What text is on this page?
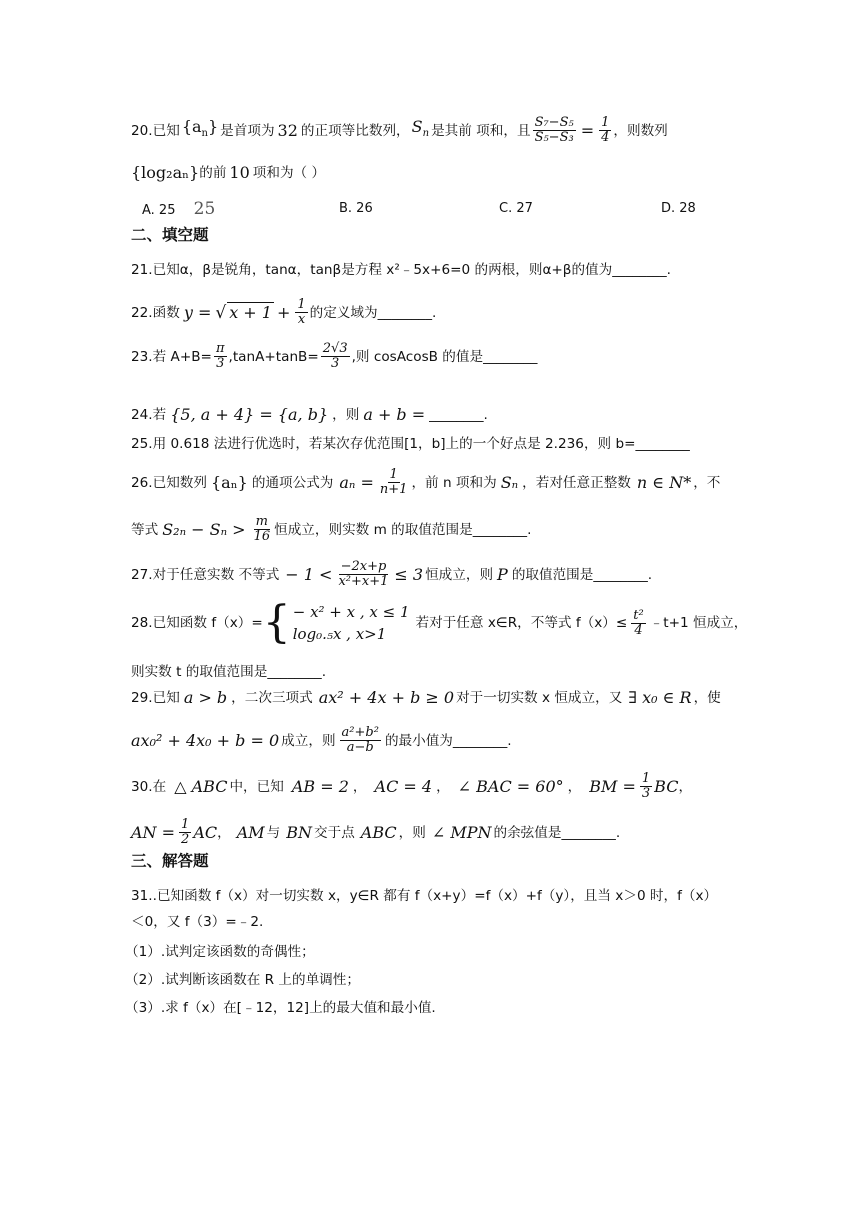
20.已知 $\{a_n\}$ 是首项为 32 的正项等比数列， $S_n$ 是其前 项和，且 $\frac{\text{S₇−S₅}}{\text{S₅−S₃}} = \frac{1}{4}$ ，则数列
{log₂aₙ} 的前 10 项和为（ ）
A. 25 25	B. 26	C. 27	D. 28
二、填空题
21.已知α，β是锐角，tanα，tanβ是方程 x²﹣5x+6=0 的两根，则α+β的值为________.
22.函数 y = √ $x + 1 + \frac{1}{x}$ 的定义域为________.
23.若 $A+B= \frac{\pi}{3} ,\tan A+\tan B= \frac{2√3}{3}$ ,则 cosAcosB 的值是________
24.若 {5, a + 4} = {a, b} ，则 a + b = ________.
25.用 0.618 法进行优选时，若某次存优范围[1，b]上的一个好点是 2.236，则 b=________
26.已知数列 {aₙ} 的通项公式为 $a_n = \frac{1}{n+1}$ ，前 n 项和为 Sₙ ，若对任意正整数 n ∈ N* ，不
等式 $S_{2n} - S_n > \frac{m}{16}$ 恒成立，则实数 m 的取值范围是________.
27.对于任意实数 不等式 − $1 < \frac{-2x+p}{\text{x²+x+1}} \le 3$ 恒成立，则 P 的取值范围是________.
28.已知函数 f（x）= { − x² + x , x ≤ 1
log₀.₅x , x>1
若对于任意 x∈R，不等式 $f(x)\le \frac{\text{t²}}{4}$ ﹣t+1 恒成立，
则实数 t 的取值范围是________.
29.已知 a > b ，二次三项式 ax² + 4x + b ≥ 0 对于一切实数 x 恒成立，又 ∃ x₀ ∈ R ，使
ax₀² + 4x₀ + b = 0 成立，则 $\frac{\text{a²+b²}}{a-b}$ 的最小值为________.
30.在 △ ABC 中，已知 AB = 2 ， AC = 4 ， ∠ BAC = 60° ， BM = $\frac{1}{3}$ BC ，
AN = $\frac{1}{2}$ AC ， AM 与 BN 交于点 ABC ，则 ∠ MPN 的余弦值是________.
三、解答题
31..已知函数 f（x）对一切实数 x，y∈R 都有 f（x+y）=f（x）+f（y），且当 x＞0 时，f（x）
＜0，又 f（3）=﹣2.
（1）.试判定该函数的奇偶性；
（2）.试判断该函数在 R 上的单调性；
（3）.求 f（x）在[﹣12，12]上的最大值和最小值.
